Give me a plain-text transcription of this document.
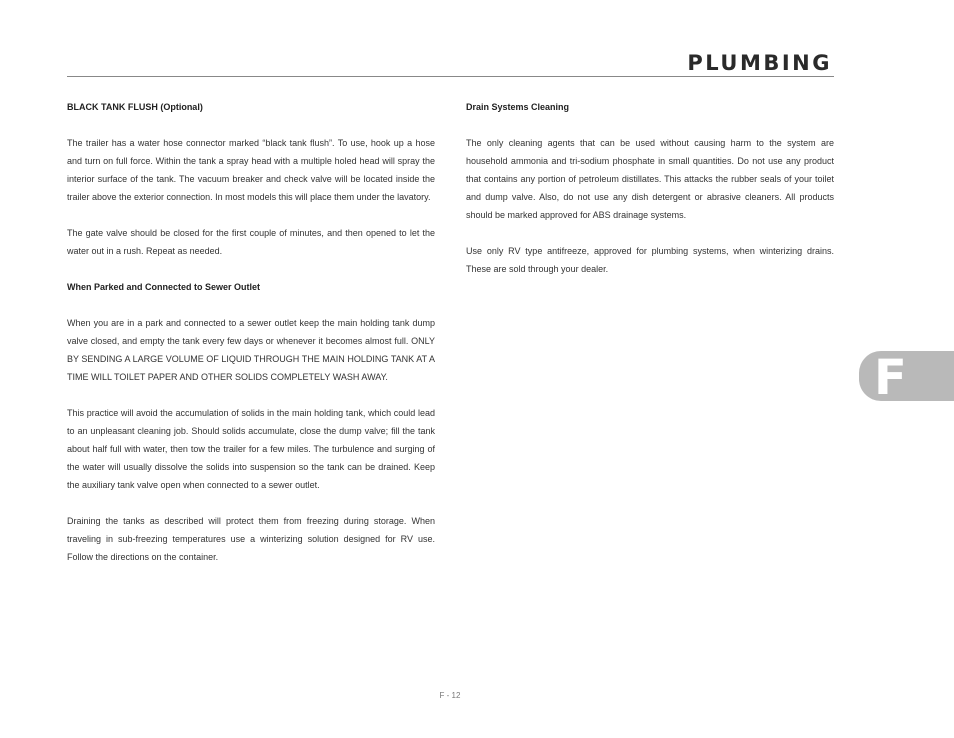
PLUMBING

BLACK TANK FLUSH (Optional)

The trailer has a water hose connector marked “black tank flush”. To use, hook up a hose and turn on full force. Within the tank a spray head with a multiple holed head will spray the interior surface of the tank. The vacuum breaker and check valve will be located inside the trailer above the exterior connection. In most models this will place them under the lavatory.

The gate valve should be closed for the first couple of minutes, and then opened to let the water out in a rush. Repeat as needed.

When Parked and Connected to Sewer Outlet

When you are in a park and connected to a sewer outlet keep the main holding tank dump valve closed, and empty the tank every few days or whenever it becomes almost full. ONLY BY SENDING A LARGE VOLUME OF LIQUID THROUGH THE MAIN HOLDING TANK AT A TIME WILL TOILET PAPER AND OTHER SOLIDS COMPLETELY WASH AWAY.

This practice will avoid the accumulation of solids in the main holding tank, which could lead to an unpleasant cleaning job. Should solids accumulate, close the dump valve; fill the tank about half full with water, then tow the trailer for a few miles. The turbulence and surging of the water will usually dissolve the solids into suspension so the tank can be drained. Keep the auxiliary tank valve open when connected to a sewer outlet.

Draining the tanks as described will protect them from freezing during storage. When traveling in sub-freezing temperatures use a winterizing solution designed for RV use. Follow the directions on the container.

Drain Systems Cleaning

The only cleaning agents that can be used without causing harm to the system are household ammonia and tri-sodium phosphate in small quantities. Do not use any product that contains any portion of petroleum distillates. This attacks the rubber seals of your toilet and dump valve. Also, do not use any dish detergent or abrasive cleaners. All products should be marked approved for ABS drainage systems.

Use only RV type antifreeze, approved for plumbing systems, when winterizing drains. These are sold through your dealer.

F
F - 12
